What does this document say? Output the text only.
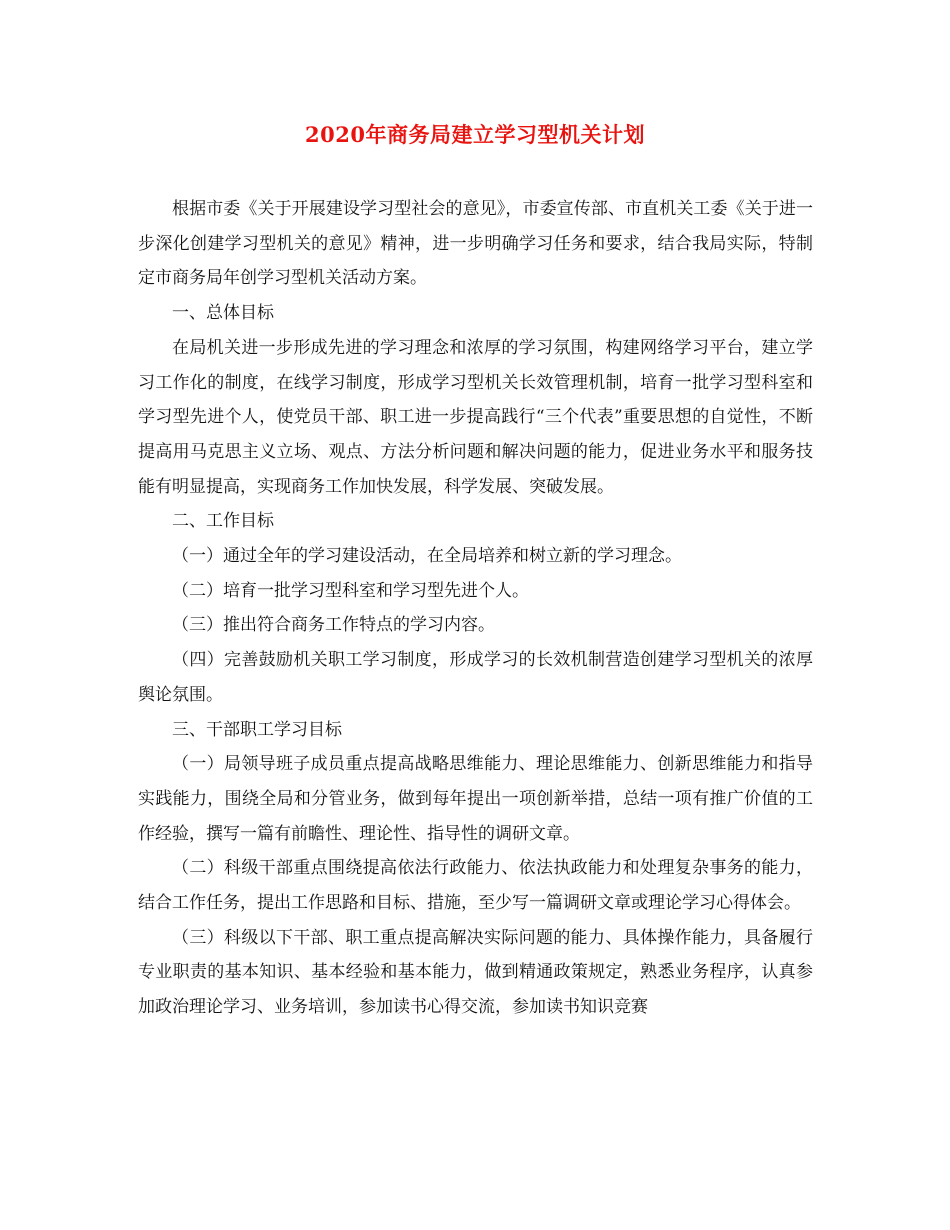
2020年商务局建立学习型机关计划

根据市委《关于开展建设学习型社会的意见》，市委宣传部、市直机关工委《关于进一步深化创建学习型机关的意见》精神，进一步明确学习任务和要求，结合我局实际，特制定市商务局年创学习型机关活动方案。

一、总体目标

在局机关进一步形成先进的学习理念和浓厚的学习氛围，构建网络学习平台，建立学习工作化的制度，在线学习制度，形成学习型机关长效管理机制，培育一批学习型科室和学习型先进个人，使党员干部、职工进一步提高践行“三个代表”重要思想的自觉性，不断提高用马克思主义立场、观点、方法分析问题和解决问题的能力，促进业务水平和服务技能有明显提高，实现商务工作加快发展，科学发展、突破发展。

二、工作目标

（一）通过全年的学习建设活动，在全局培养和树立新的学习理念。

（二）培育一批学习型科室和学习型先进个人。

（三）推出符合商务工作特点的学习内容。

（四）完善鼓励机关职工学习制度，形成学习的长效机制营造创建学习型机关的浓厚舆论氛围。

三、干部职工学习目标

（一）局领导班子成员重点提高战略思维能力、理论思维能力、创新思维能力和指导实践能力，围绕全局和分管业务，做到每年提出一项创新举措，总结一项有推广价值的工作经验，撰写一篇有前瞻性、理论性、指导性的调研文章。

（二）科级干部重点围绕提高依法行政能力、依法执政能力和处理复杂事务的能力，结合工作任务，提出工作思路和目标、措施，至少写一篇调研文章或理论学习心得体会。

（三）科级以下干部、职工重点提高解决实际问题的能力、具体操作能力，具备履行专业职责的基本知识、基本经验和基本能力，做到精通政策规定，熟悉业务程序，认真参加政治理论学习、业务培训，参加读书心得交流，参加读书知识竞赛
